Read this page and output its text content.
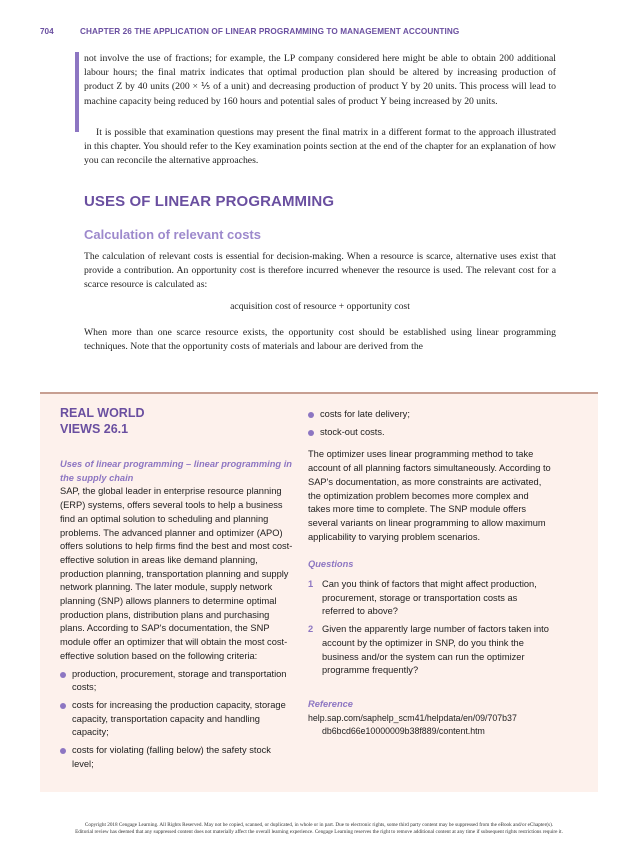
704	CHAPTER 26 THE APPLICATION OF LINEAR PROGRAMMING TO MANAGEMENT ACCOUNTING

not involve the use of fractions; for example, the LP company considered here might be able to obtain 200 additional labour hours; the final matrix indicates that optimal production plan should be altered by increasing production of product Z by 40 units (200 × ⅕ of a unit) and decreasing production of product Y by 20 units. This process will lead to machine capacity being reduced by 160 hours and potential sales of product Y being increased by 20 units.

It is possible that examination questions may present the final matrix in a different format to the approach illustrated in this chapter. You should refer to the Key examination points section at the end of the chapter for an explanation of how you can reconcile the alternative approaches.

USES OF LINEAR PROGRAMMING
Calculation of relevant costs

The calculation of relevant costs is essential for decision-making. When a resource is scarce, alternative uses exist that provide a contribution. An opportunity cost is therefore incurred whenever the resource is used. The relevant cost for a scarce resource is calculated as:

acquisition cost of resource + opportunity cost

When more than one scarce resource exists, the opportunity cost should be established using linear programming techniques. Note that the opportunity costs of materials and labour are derived from the

REAL WORLD
VIEWS 26.1

Uses of linear programming – linear programming in the supply chain

SAP, the global leader in enterprise resource planning (ERP) systems, offers several tools to help a business find an optimal solution to scheduling and planning problems. The advanced planner and optimizer (APO) offers solutions to help firms find the best and most cost-effective solution in areas like demand planning, production planning, transportation planning and supply network planning. The later module, supply network planning (SNP) allows planners to determine optimal production plans, distribution plans and purchasing plans. According to SAP's documentation, the SNP module offer an optimizer that will obtain the most cost-effective solution based on the following criteria:

production, procurement, storage and transportation costs;
costs for increasing the production capacity, storage capacity, transportation capacity and handling capacity;
costs for violating (falling below) the safety stock level;
costs for late delivery;
stock-out costs.

The optimizer uses linear programming method to take account of all planning factors simultaneously. According to SAP's documentation, as more constraints are activated, the optimization problem becomes more complex and takes more time to complete. The SNP module offers several variants on linear programming to allow maximum applicability to varying problem scenarios.

Questions

1 Can you think of factors that might affect production, procurement, storage or transportation costs as referred to above?
2 Given the apparently large number of factors taken into account by the optimizer in SNP, do you think the business and/or the system can run the optimizer programme frequently?

Reference

help.sap.com/saphelp_scm41/helpdata/en/09/707b37

db6bcd66e10000009b38f889/content.htm

Copyright 2018 Cengage Learning. All Rights Reserved. May not be copied, scanned, or duplicated, in whole or in part. Due to electronic rights, some third party content may be suppressed from the eBook and/or eChapter(s).
Editorial review has deemed that any suppressed content does not materially affect the overall learning experience. Cengage Learning reserves the right to remove additional content at any time if subsequent rights restrictions require it.
